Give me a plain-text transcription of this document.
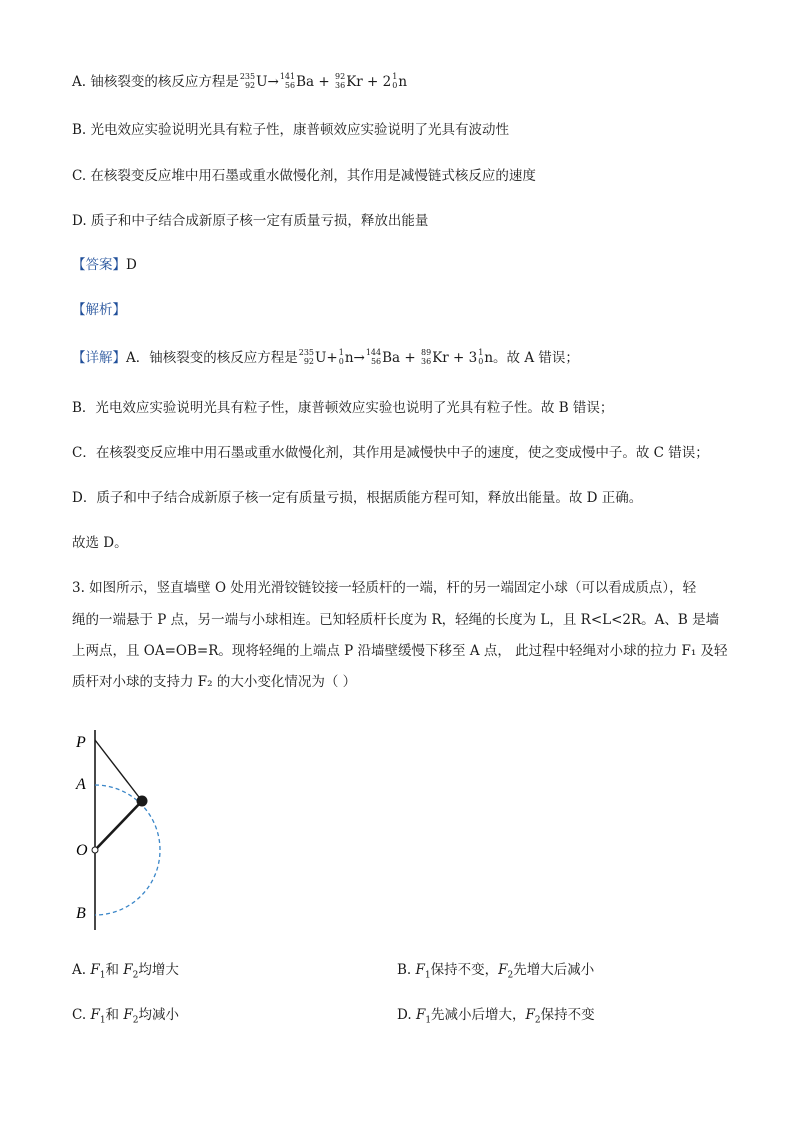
A. 铀核裂变的核反应方程是 235
92 U→ 141
56 Ba + 92
36 Kr + 2 1
0 n
B. 光电效应实验说明光具有粒子性，康普顿效应实验说明了光具有波动性
C. 在核裂变反应堆中用石墨或重水做慢化剂，其作用是减慢链式核反应的速度
D. 质子和中子结合成新原子核一定有质量亏损，释放出能量
【答案】D
【解析】
【详解】A．铀核裂变的核反应方程是 235
92 U+ 1
0 n→ 144
56 Ba + 89
36 Kr + 3 1
0 n。故 A 错误；
B．光电效应实验说明光具有粒子性，康普顿效应实验也说明了光具有粒子性。故 B 错误；
C．在核裂变反应堆中用石墨或重水做慢化剂，其作用是减慢快中子的速度，使之变成慢中子。故 C 错误；
D．质子和中子结合成新原子核一定有质量亏损，根据质能方程可知，释放出能量。故 D 正确。
故选 D。
3. 如图所示，竖直墙壁 O 处用光滑铰链铰接一轻质杆的一端，杆的另一端固定小球（可以看成质点），轻
绳的一端悬于 P 点，另一端与小球相连。已知轻质杆长度为 R，轻绳的长度为 L，且 R<L<2R。A、B 是墙
上两点，且 OA=OB=R。现将轻绳的上端点 P 沿墙壁缓慢下移至 A 点， 此过程中轻绳对小球的拉力 F₁ 及轻
质杆对小球的支持力 F₂ 的大小变化情况为（ ）
P
A
O
B
A. $F_1$和 $F_2$均增大	B. $F_1$保持不变，$F_2$先增大后减小
C. $F_1$和 $F_2$均减小	D. $F_1$先减小后增大，$F_2$保持不变
